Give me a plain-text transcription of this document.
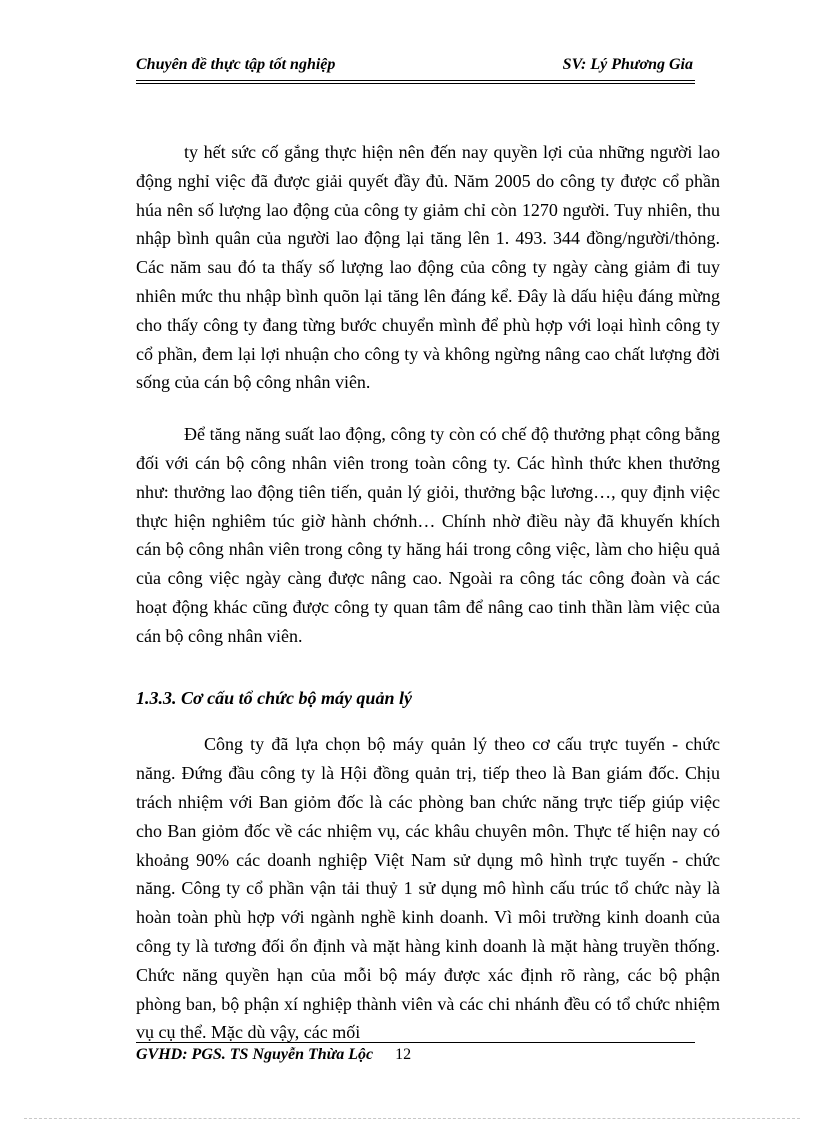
Chuyên đề thực tập tốt nghiệp	SV: Lý Phương Gia

ty hết sức cố gắng thực hiện nên đến nay quyền lợi của những người lao động nghỉ việc đã được giải quyết đầy đủ. Năm 2005 do công ty được cổ phần húa nên số lượng lao động của công ty giảm chỉ còn 1270 người. Tuy nhiên, thu nhập bình quân của người lao động lại tăng lên 1. 493. 344 đồng/người/thỏng. Các năm sau đó ta thấy số lượng lao động của công ty ngày càng giảm đi tuy nhiên mức thu nhập bình quõn lại tăng lên đáng kể. Đây là dấu hiệu đáng mừng cho thấy công ty đang từng bước chuyển mình để phù hợp với loại hình công ty cổ phần, đem lại lợi nhuận cho công ty và không ngừng nâng cao chất lượng đời sống của cán bộ công nhân viên.

Để tăng năng suất lao động, công ty còn có chế độ thưởng phạt công bằng đối với cán bộ công nhân viên trong toàn công ty. Các hình thức khen thưởng như: thưởng lao động tiên tiến, quản lý giỏi, thưởng bậc lương…, quy định việc thực hiện nghiêm túc giờ hành chớnh… Chính nhờ điều này đã khuyến khích cán bộ công nhân viên trong công ty hăng hái trong công việc, làm cho hiệu quả của công việc ngày càng được nâng cao. Ngoài ra công tác công đoàn và các hoạt động khác cũng được công ty quan tâm để nâng cao tinh thần làm việc của cán bộ công nhân viên.

1.3.3. Cơ cấu tổ chức bộ máy quản lý

Công ty đã lựa chọn bộ máy quản lý theo cơ cấu trực tuyến - chức năng. Đứng đầu công ty là Hội đồng quản trị, tiếp theo là Ban giám đốc. Chịu trách nhiệm với Ban giỏm đốc là các phòng ban chức năng trực tiếp giúp việc cho Ban giỏm đốc về các nhiệm vụ, các khâu chuyên môn. Thực tế hiện nay có khoảng 90% các doanh nghiệp Việt Nam sử dụng mô hình trực tuyến - chức năng. Công ty cổ phần vận tải thuỷ 1 sử dụng mô hình cấu trúc tổ chức này là hoàn toàn phù hợp với ngành nghề kinh doanh. Vì môi trường kinh doanh của công ty là tương đối ổn định và mặt hàng kinh doanh là mặt hàng truyền thống. Chức năng quyền hạn của mỗi bộ máy được xác định rõ ràng, các bộ phận phòng ban, bộ phận xí nghiệp thành viên và các chi nhánh đều có tổ chức nhiệm vụ cụ thể. Mặc dù vậy, các mối

GVHD: PGS. TS Nguyễn Thừa Lộc 12
